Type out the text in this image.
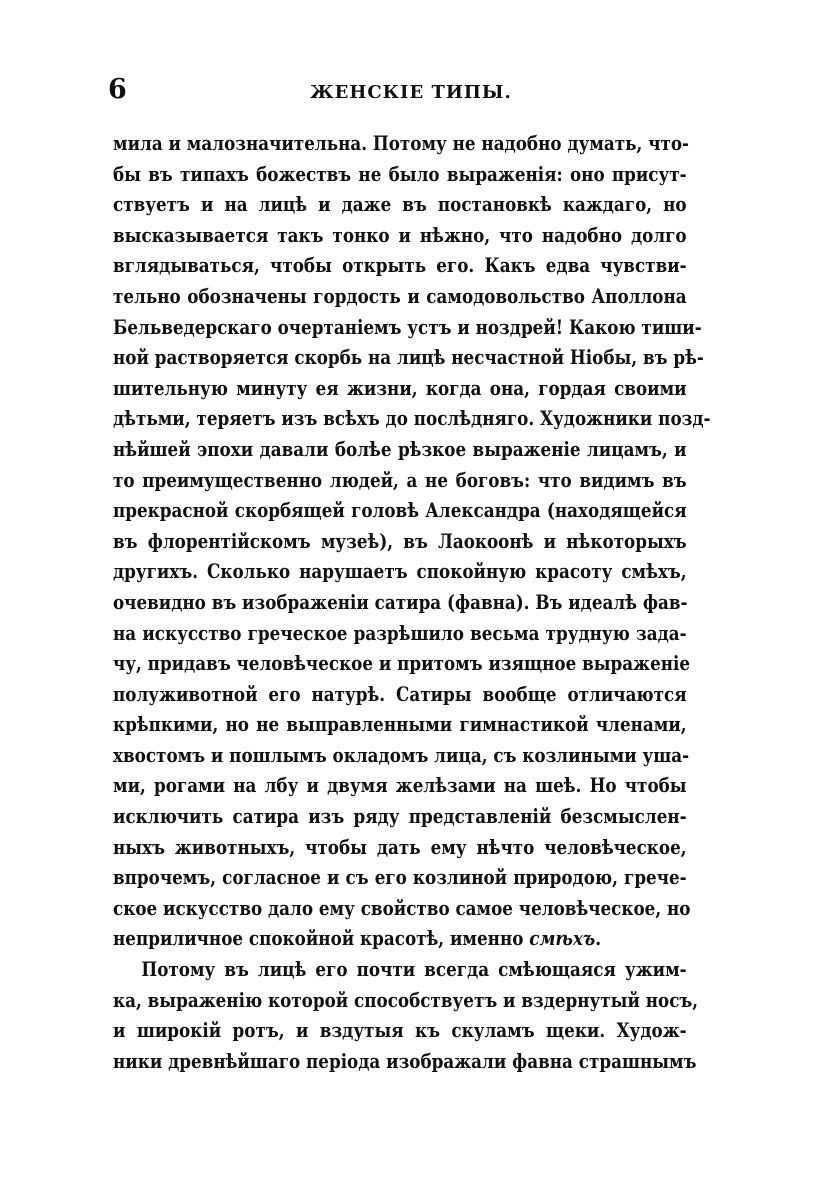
6	ЖЕНСКІЕ ТИПЫ.
мила и малозначительна. Потому не надобно думать, что-
бы въ типахъ божествъ не было выраженія: оно присут-
ствуетъ и на лицѣ и даже въ постановкѣ каждаго, но
высказывается такъ тонко и нѣжно, что надобно долго
вглядываться, чтобы открыть его. Какъ едва чувстви-
тельно обозначены гордость и самодовольство Аполлона
Бельведерскаго очертаніемъ устъ и ноздрей! Какою тиши-
ной растворяется скорбь на лицѣ несчастной Ніобы, въ рѣ-
шительную минуту ея жизни, когда она, гордая своими
дѣтьми, теряетъ изъ всѣхъ до послѣдняго. Художники позд-
нѣйшей эпохи давали болѣе рѣзкое выраженіе лицамъ, и
то преимущественно людей, а не боговъ: что видимъ въ
прекрасной скорбящей головѣ Александра (находящейся
въ флорентійскомъ музеѣ), въ Лаокоонѣ и нѣкоторыхъ
другихъ. Сколько нарушаетъ спокойную красоту смѣхъ,
очевидно въ изображеніи сатира (фавна). Въ идеалѣ фав-
на искусство греческое разрѣшило весьма трудную зада-
чу, придавъ человѣческое и притомъ изящное выраженіе
полуживотной его натурѣ. Сатиры вообще отличаются
крѣпкими, но не выправленными гимнастикой членами,
хвостомъ и пошлымъ окладомъ лица, съ козлиными уша-
ми, рогами на лбу и двумя желѣзами на шеѣ. Но чтобы
исключить сатира изъ ряду представленій безсмыслен-
ныхъ животныхъ, чтобы дать ему нѣчто человѣческое,
впрочемъ, согласное и съ его козлиной природою, грече-
ское искусство дало ему свойство самое человѣческое, но
неприличное спокойной красотѣ, именно смѣхъ.
Потому въ лицѣ его почти всегда смѣющаяся ужим-
ка, выраженію которой способствуетъ и вздернутый носъ,
и широкій ротъ, и вздутыя къ скуламъ щеки. Худож-
ники древнѣйшаго періода изображали фавна страшнымъ
